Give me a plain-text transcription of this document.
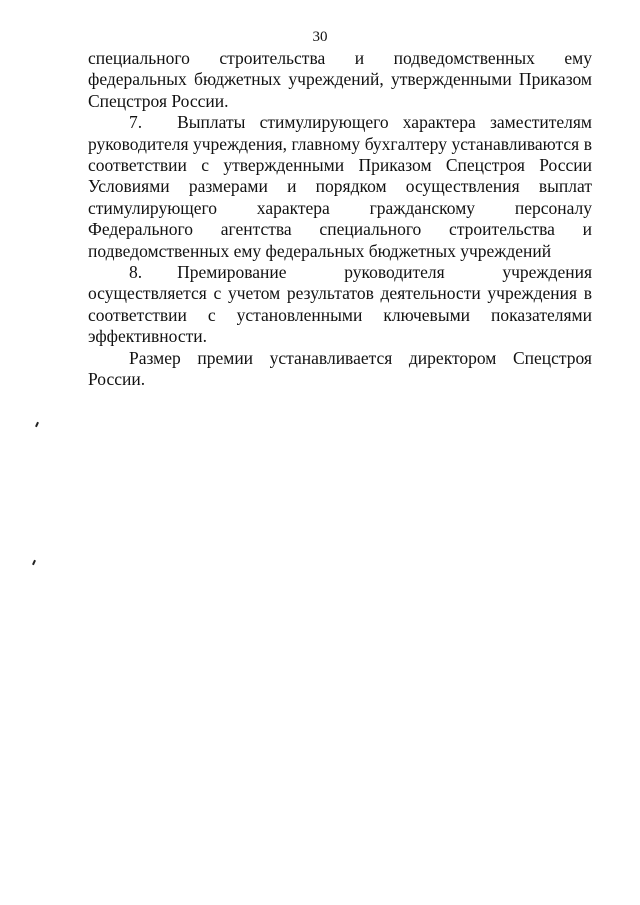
30

специального строительства и подведомственных ему федеральных бюджетных учреждений, утвержденными Приказом Спецстроя России.

7.   Выплаты стимулирующего характера заместителям руководителя учреждения, главному бухгалтеру устанавливаются в соответствии с утвержденными Приказом Спецстроя России Условиями размерами и порядком осуществления выплат стимулирующего характера гражданскому персоналу Федерального агентства специального строительства и подведомственных ему федеральных бюджетных учреждений

8.   Премирование руководителя учреждения осуществляется с учетом результатов деятельности учреждения в соответствии с установленными ключевыми показателями эффективности.

Размер премии устанавливается директором Спецстроя России.
